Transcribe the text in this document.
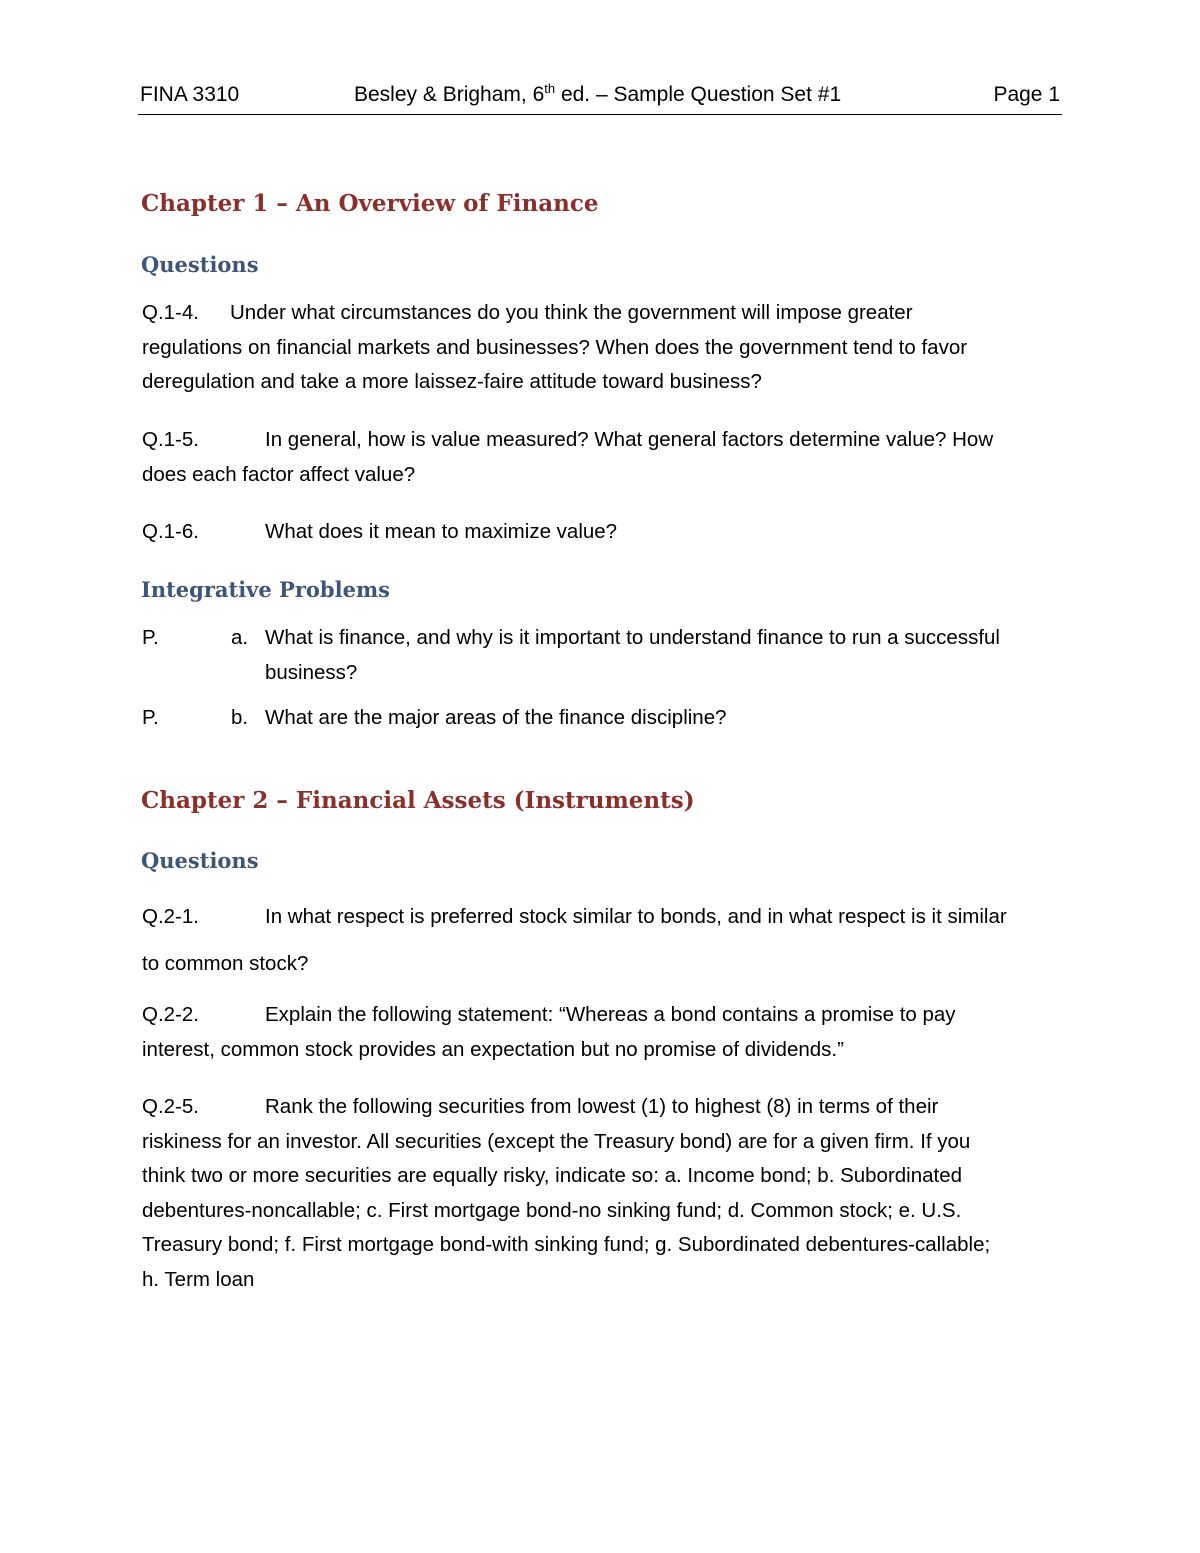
FINA 3310	Besley & Brigham, 6th ed. – Sample Question Set #1	Page 1
Chapter 1 – An Overview of Finance
Questions
Q.1-4. Under what circumstances do you think the government will impose greater
regulations on financial markets and businesses? When does the government tend to favor
deregulation and take a more laissez-faire attitude toward business?
Q.1-5.	In general, how is value measured? What general factors determine value? How
does each factor affect value?
Q.1-6.	What does it mean to maximize value?
Integrative Problems
P.	a. What is finance, and why is it important to understand finance to run a successful
business?
P.	b. What are the major areas of the finance discipline?
Chapter 2 – Financial Assets (Instruments)
Questions
Q.2-1.	In what respect is preferred stock similar to bonds, and in what respect is it similar
to common stock?
Q.2-2.	Explain the following statement: “Whereas a bond contains a promise to pay
interest, common stock provides an expectation but no promise of dividends.”
Q.2-5.	Rank the following securities from lowest (1) to highest (8) in terms of their
riskiness for an investor. All securities (except the Treasury bond) are for a given firm. If you
think two or more securities are equally risky, indicate so: a. Income bond; b. Subordinated
debentures-noncallable; c. First mortgage bond-no sinking fund; d. Common stock; e. U.S.
Treasury bond; f. First mortgage bond-with sinking fund; g. Subordinated debentures-callable;
h. Term loan
